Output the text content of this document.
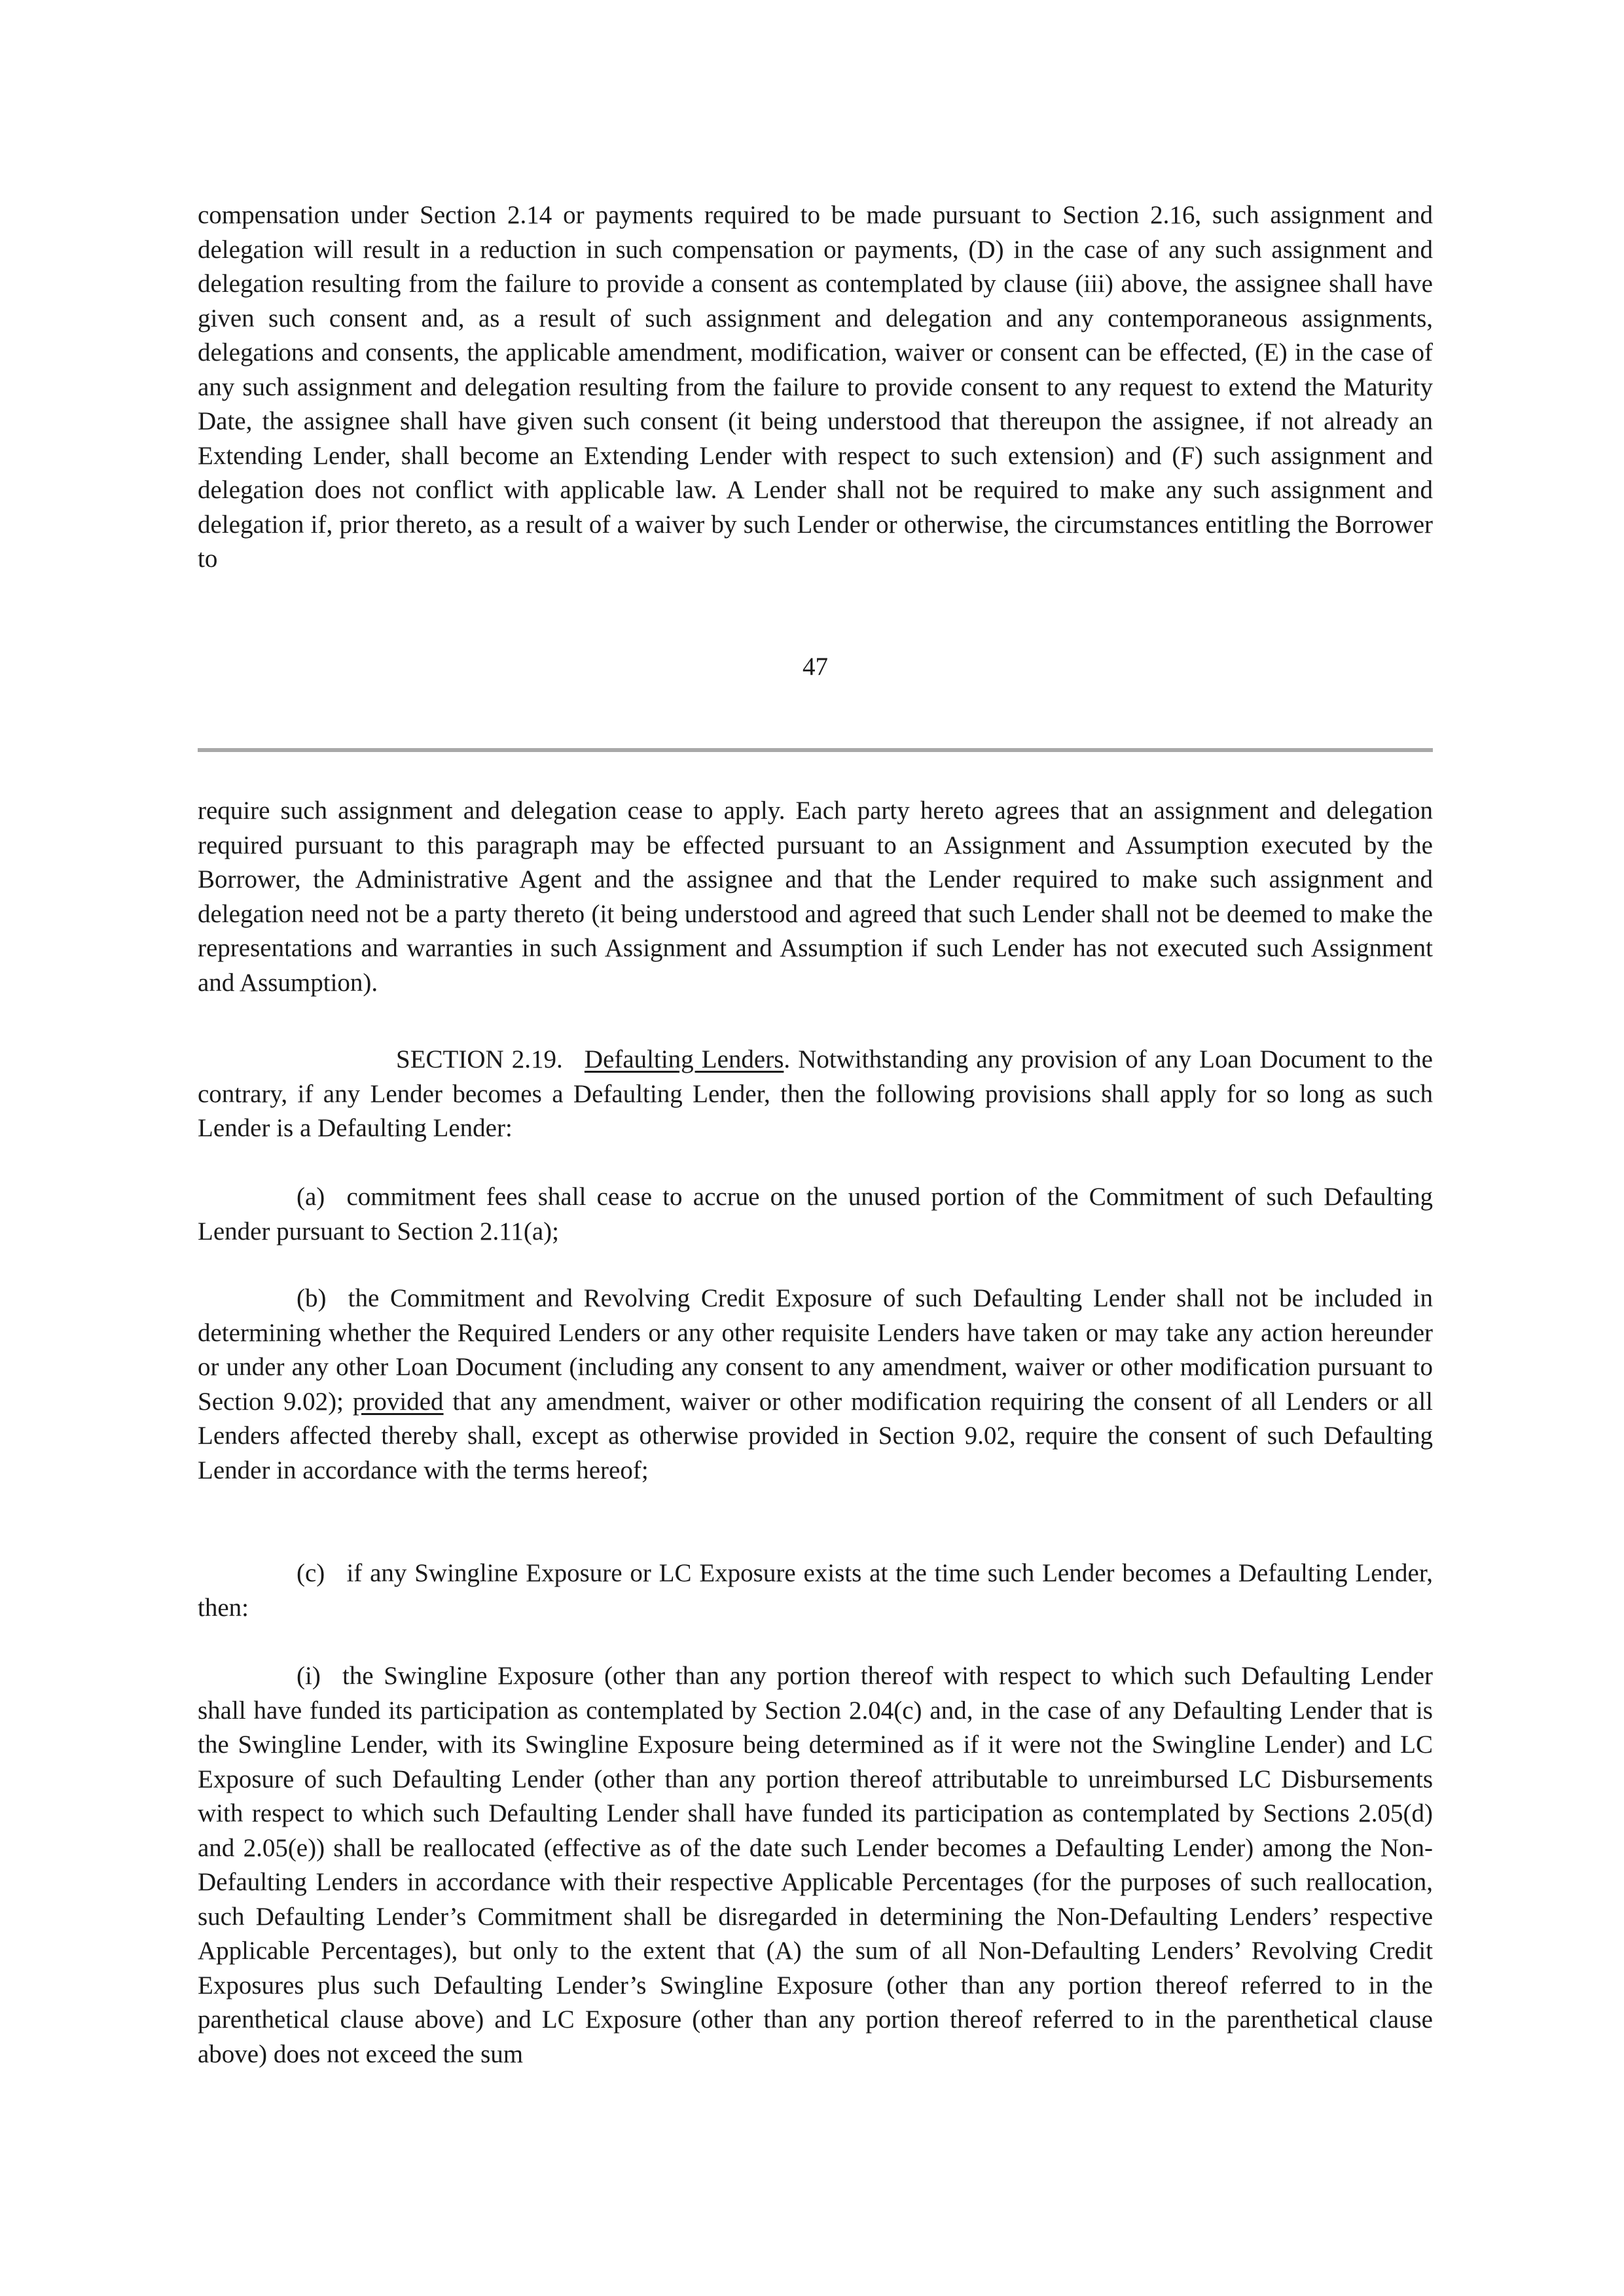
compensation under Section 2.14 or payments required to be made pursuant to Section 2.16, such assignment and delegation will result in a reduction in such compensation or payments, (D) in the case of any such assignment and delegation resulting from the failure to provide a consent as contemplated by clause (iii) above, the assignee shall have given such consent and, as a result of such assignment and delegation and any contemporaneous assignments, delegations and consents, the applicable amendment, modification, waiver or consent can be effected, (E) in the case of any such assignment and delegation resulting from the failure to provide consent to any request to extend the Maturity Date, the assignee shall have given such consent (it being understood that thereupon the assignee, if not already an Extending Lender, shall become an Extending Lender with respect to such extension) and (F) such assignment and delegation does not conflict with applicable law. A Lender shall not be required to make any such assignment and delegation if, prior thereto, as a result of a waiver by such Lender or otherwise, the circumstances entitling the Borrower to

47

require such assignment and delegation cease to apply. Each party hereto agrees that an assignment and delegation required pursuant to this paragraph may be effected pursuant to an Assignment and Assumption executed by the Borrower, the Administrative Agent and the assignee and that the Lender required to make such assignment and delegation need not be a party thereto (it being understood and agreed that such Lender shall not be deemed to make the representations and warranties in such Assignment and Assumption if such Lender has not executed such Assignment and Assumption).

SECTION 2.19. Defaulting Lenders. Notwithstanding any provision of any Loan Document to the contrary, if any Lender becomes a Defaulting Lender, then the following provisions shall apply for so long as such Lender is a Defaulting Lender:

(a) commitment fees shall cease to accrue on the unused portion of the Commitment of such Defaulting Lender pursuant to Section 2.11(a);

(b) the Commitment and Revolving Credit Exposure of such Defaulting Lender shall not be included in determining whether the Required Lenders or any other requisite Lenders have taken or may take any action hereunder or under any other Loan Document (including any consent to any amendment, waiver or other modification pursuant to Section 9.02); provided that any amendment, waiver or other modification requiring the consent of all Lenders or all Lenders affected thereby shall, except as otherwise provided in Section 9.02, require the consent of such Defaulting Lender in accordance with the terms hereof;

(c) if any Swingline Exposure or LC Exposure exists at the time such Lender becomes a Defaulting Lender, then:

(i) the Swingline Exposure (other than any portion thereof with respect to which such Defaulting Lender shall have funded its participation as contemplated by Section 2.04(c) and, in the case of any Defaulting Lender that is the Swingline Lender, with its Swingline Exposure being determined as if it were not the Swingline Lender) and LC Exposure of such Defaulting Lender (other than any portion thereof attributable to unreimbursed LC Disbursements with respect to which such Defaulting Lender shall have funded its participation as contemplated by Sections 2.05(d) and 2.05(e)) shall be reallocated (effective as of the date such Lender becomes a Defaulting Lender) among the Non-Defaulting Lenders in accordance with their respective Applicable Percentages (for the purposes of such reallocation, such Defaulting Lender’s Commitment shall be disregarded in determining the Non-Defaulting Lenders’ respective Applicable Percentages), but only to the extent that (A) the sum of all Non-Defaulting Lenders’ Revolving Credit Exposures plus such Defaulting Lender’s Swingline Exposure (other than any portion thereof referred to in the parenthetical clause above) and LC Exposure (other than any portion thereof referred to in the parenthetical clause above) does not exceed the sum
